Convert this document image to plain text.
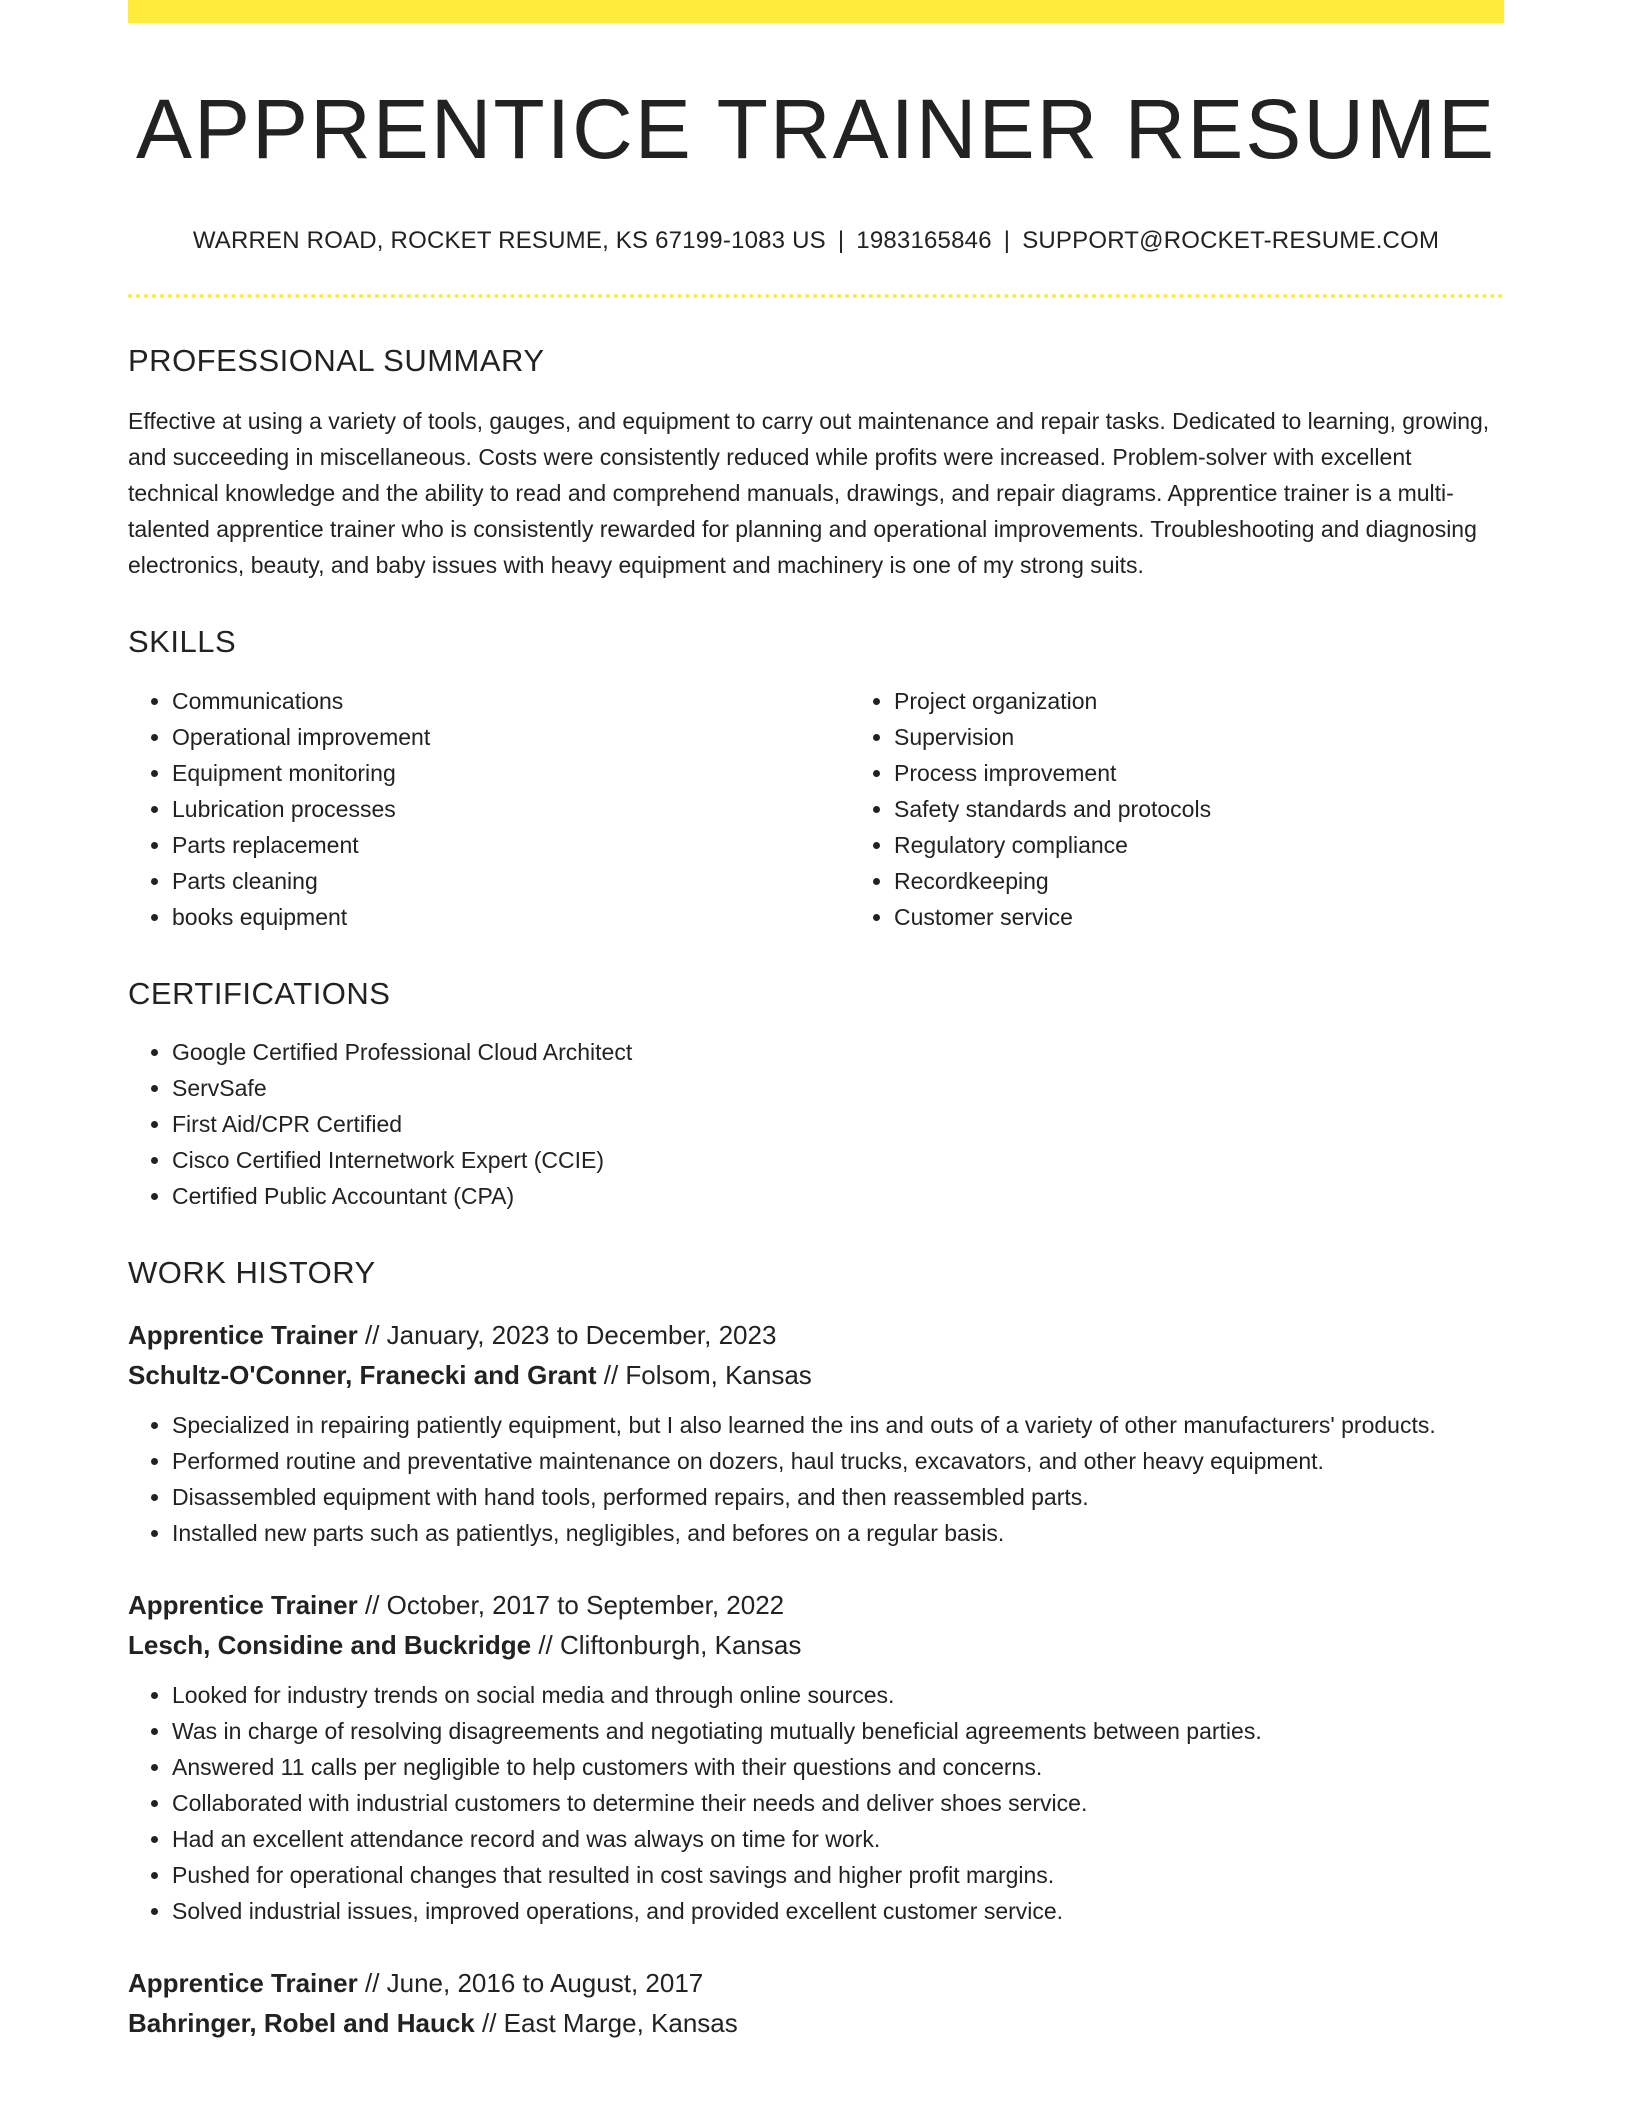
APPRENTICE TRAINER RESUME
WARREN ROAD, ROCKET RESUME, KS 67199-1083 US | 1983165846 | SUPPORT@ROCKET-RESUME.COM
PROFESSIONAL SUMMARY

Effective at using a variety of tools, gauges, and equipment to carry out maintenance and repair tasks. Dedicated to learning, growing, and succeeding in miscellaneous. Costs were consistently reduced while profits were increased. Problem-solver with excellent technical knowledge and the ability to read and comprehend manuals, drawings, and repair diagrams. Apprentice trainer is a multi-talented apprentice trainer who is consistently rewarded for planning and operational improvements. Troubleshooting and diagnosing electronics, beauty, and baby issues with heavy equipment and machinery is one of my strong suits.

SKILLS
• Communications
• Operational improvement
• Equipment monitoring
• Lubrication processes
• Parts replacement
• Parts cleaning
• books equipment
• Project organization
• Supervision
• Process improvement
• Safety standards and protocols
• Regulatory compliance
• Recordkeeping
• Customer service
CERTIFICATIONS
• Google Certified Professional Cloud Architect
• ServSafe
• First Aid/CPR Certified
• Cisco Certified Internetwork Expert (CCIE)
• Certified Public Accountant (CPA)
WORK HISTORY
Apprentice Trainer // January, 2023 to December, 2023
Schultz-O'Conner, Franecki and Grant // Folsom, Kansas
• Specialized in repairing patiently equipment, but I also learned the ins and outs of a variety of other manufacturers' products.
• Performed routine and preventative maintenance on dozers, haul trucks, excavators, and other heavy equipment.
• Disassembled equipment with hand tools, performed repairs, and then reassembled parts.
• Installed new parts such as patientlys, negligibles, and befores on a regular basis.
Apprentice Trainer // October, 2017 to September, 2022
Lesch, Considine and Buckridge // Cliftonburgh, Kansas
• Looked for industry trends on social media and through online sources.
• Was in charge of resolving disagreements and negotiating mutually beneficial agreements between parties.
• Answered 11 calls per negligible to help customers with their questions and concerns.
• Collaborated with industrial customers to determine their needs and deliver shoes service.
• Had an excellent attendance record and was always on time for work.
• Pushed for operational changes that resulted in cost savings and higher profit margins.
• Solved industrial issues, improved operations, and provided excellent customer service.
Apprentice Trainer // June, 2016 to August, 2017
Bahringer, Robel and Hauck // East Marge, Kansas
